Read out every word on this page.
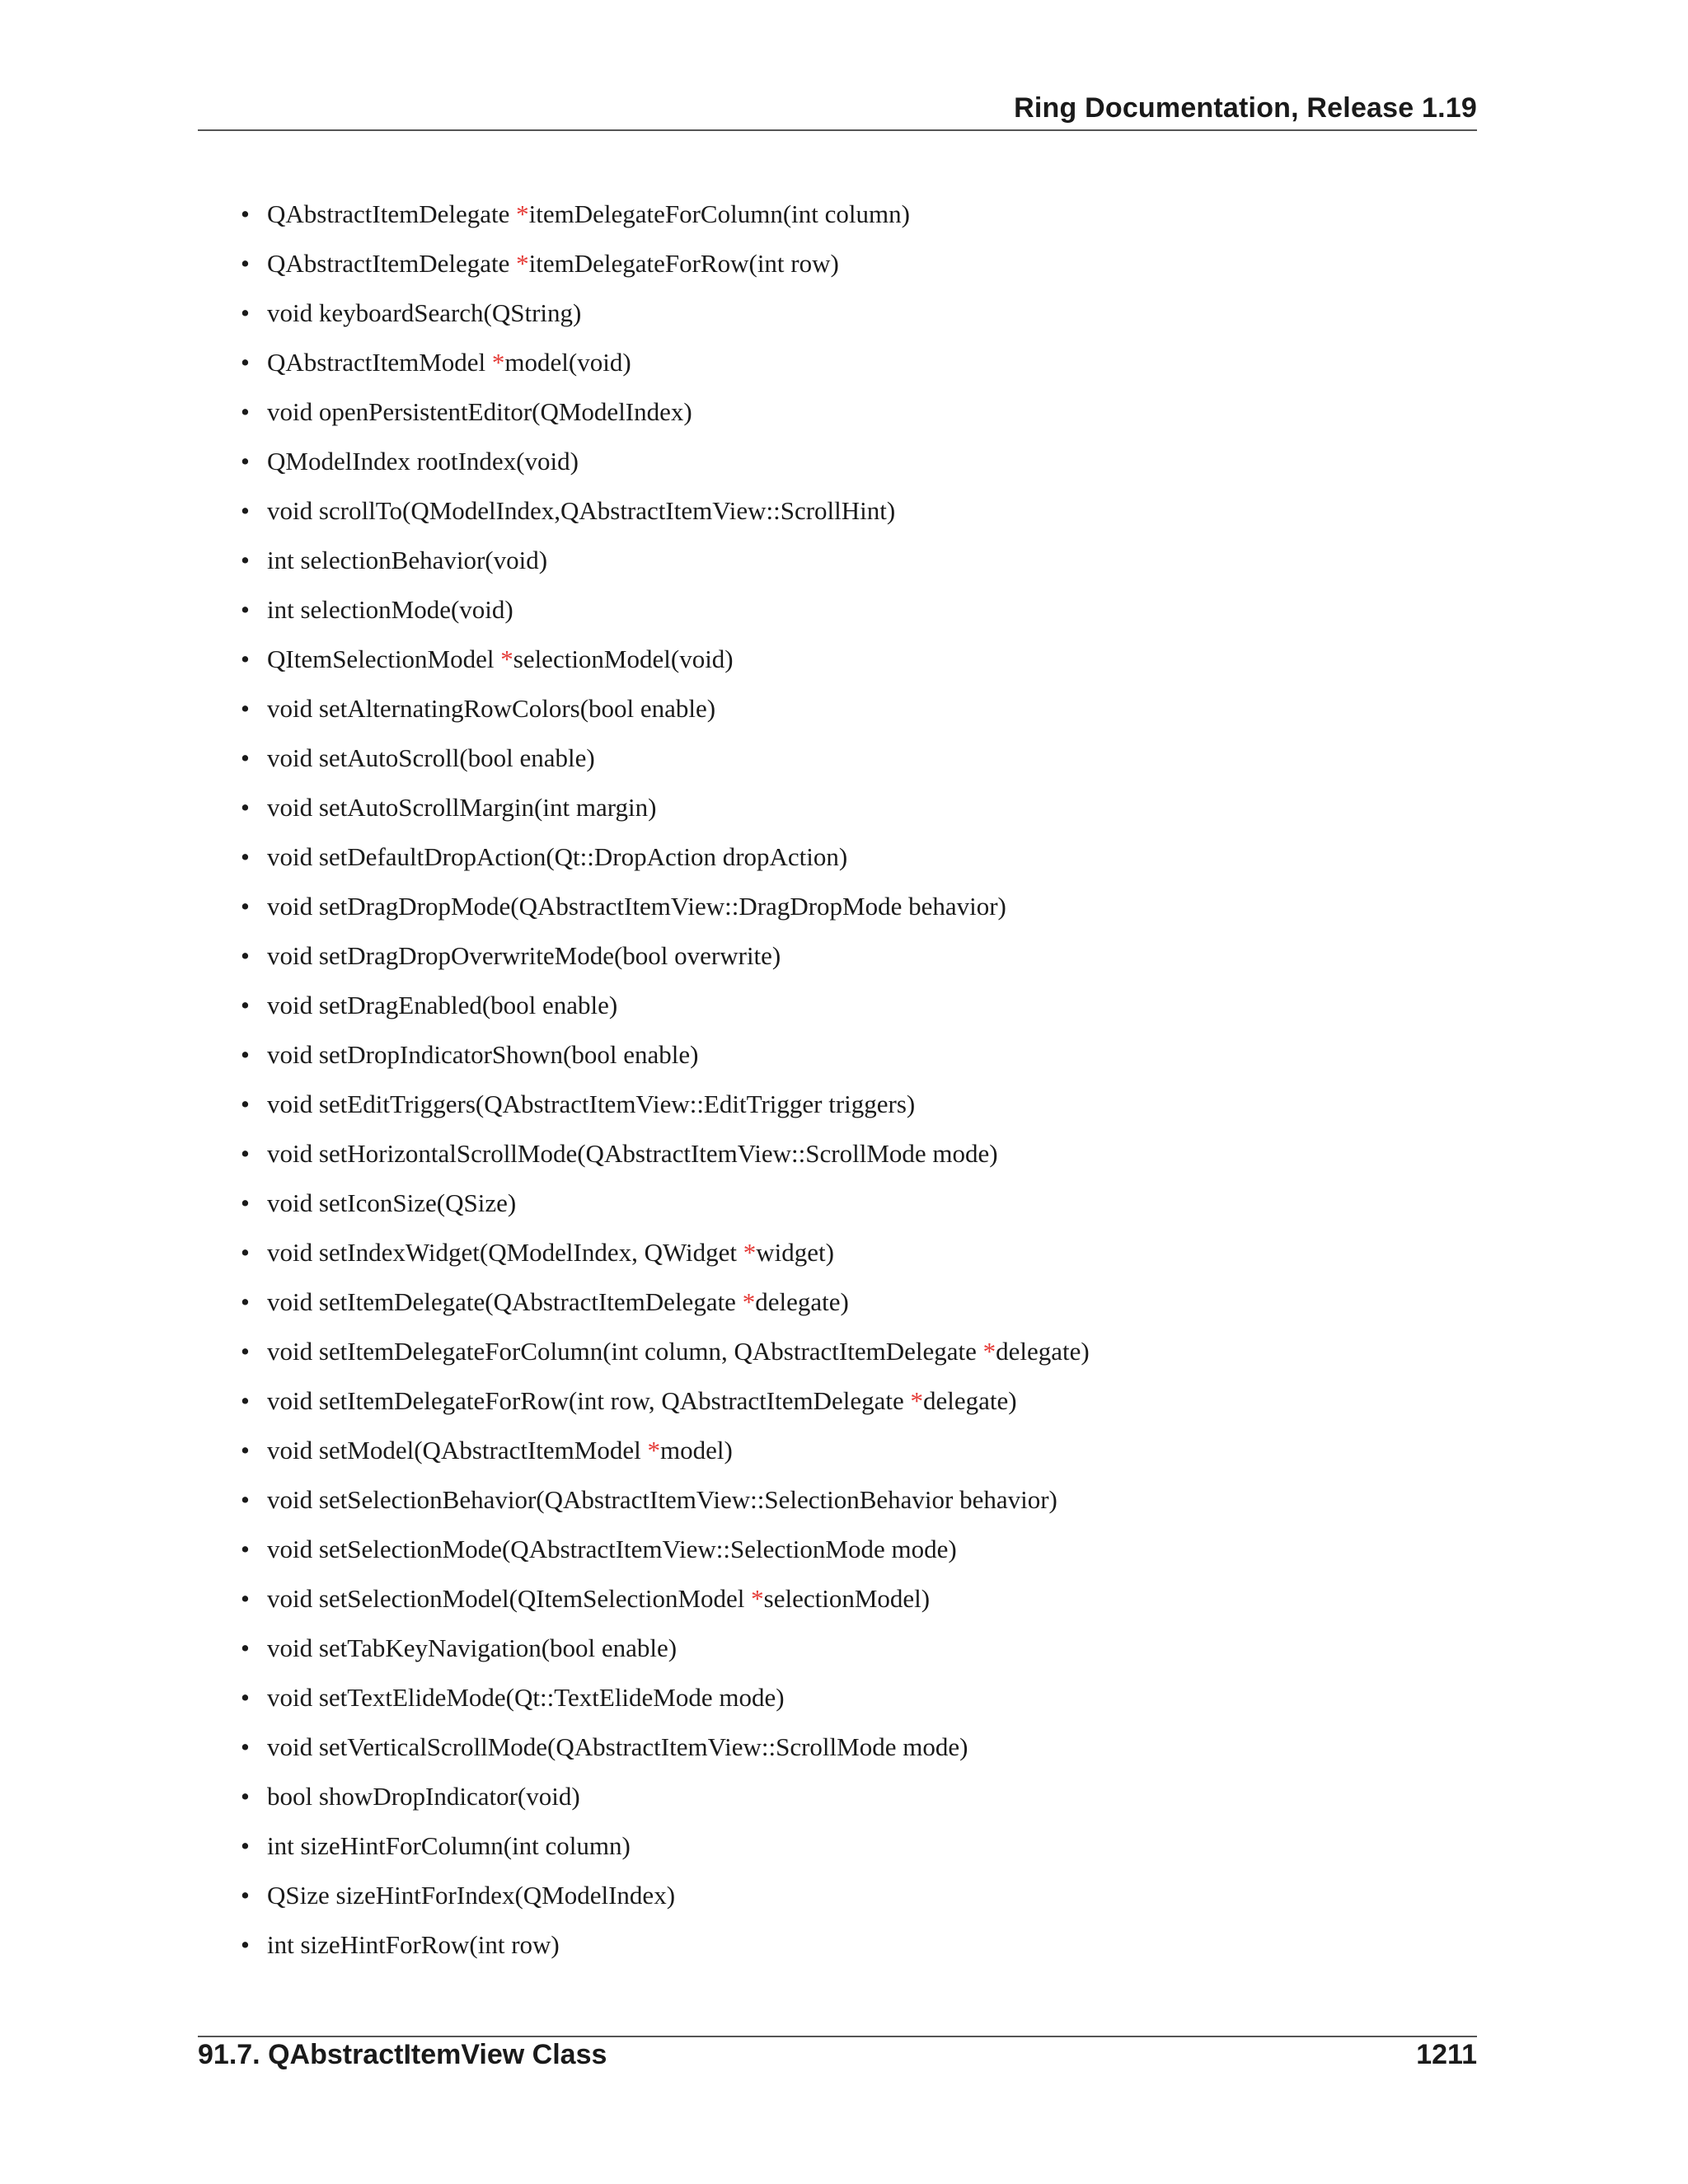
Ring Documentation, Release 1.19
• QAbstractItemDelegate *itemDelegateForColumn(int column)
• QAbstractItemDelegate *itemDelegateForRow(int row)
• void keyboardSearch(QString)
• QAbstractItemModel *model(void)
• void openPersistentEditor(QModelIndex)
• QModelIndex rootIndex(void)
• void scrollTo(QModelIndex,QAbstractItemView::ScrollHint)
• int selectionBehavior(void)
• int selectionMode(void)
• QItemSelectionModel *selectionModel(void)
• void setAlternatingRowColors(bool enable)
• void setAutoScroll(bool enable)
• void setAutoScrollMargin(int margin)
• void setDefaultDropAction(Qt::DropAction dropAction)
• void setDragDropMode(QAbstractItemView::DragDropMode behavior)
• void setDragDropOverwriteMode(bool overwrite)
• void setDragEnabled(bool enable)
• void setDropIndicatorShown(bool enable)
• void setEditTriggers(QAbstractItemView::EditTrigger triggers)
• void setHorizontalScrollMode(QAbstractItemView::ScrollMode mode)
• void setIconSize(QSize)
• void setIndexWidget(QModelIndex, QWidget *widget)
• void setItemDelegate(QAbstractItemDelegate *delegate)
• void setItemDelegateForColumn(int column, QAbstractItemDelegate *delegate)
• void setItemDelegateForRow(int row, QAbstractItemDelegate *delegate)
• void setModel(QAbstractItemModel *model)
• void setSelectionBehavior(QAbstractItemView::SelectionBehavior behavior)
• void setSelectionMode(QAbstractItemView::SelectionMode mode)
• void setSelectionModel(QItemSelectionModel *selectionModel)
• void setTabKeyNavigation(bool enable)
• void setTextElideMode(Qt::TextElideMode mode)
• void setVerticalScrollMode(QAbstractItemView::ScrollMode mode)
• bool showDropIndicator(void)
• int sizeHintForColumn(int column)
• QSize sizeHintForIndex(QModelIndex)
• int sizeHintForRow(int row)
91.7. QAbstractItemView Class	1211
